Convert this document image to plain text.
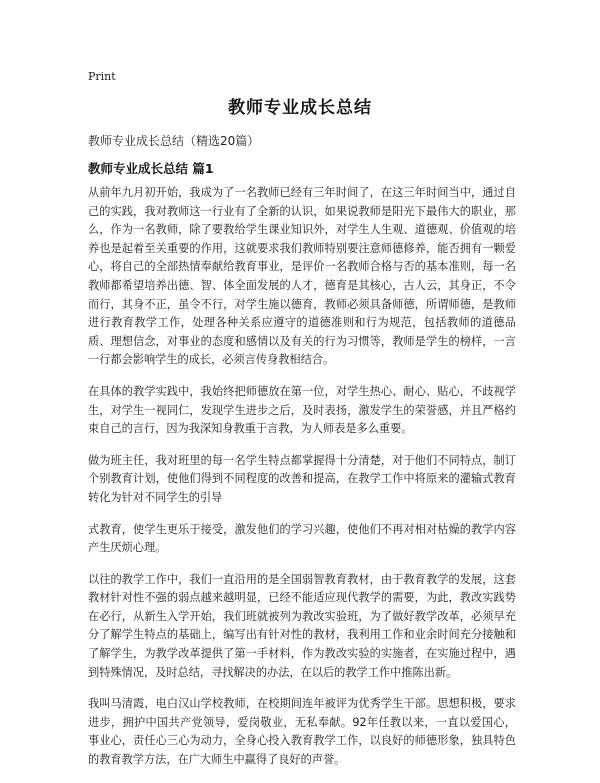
Print
教师专业成长总结
教师专业成长总结（精选20篇）
教师专业成长总结 篇1

从前年九月初开始，我成为了一名教师已经有三年时间了，在这三年时间当中，通过自己的实践，我对教师这一行业有了全新的认识，如果说教师是阳光下最伟大的职业，那么，作为一名教师，除了要教给学生课业知识外，对学生人生观、道德观、价值观的培养也是起着至关重要的作用，这就要求我们教师特别要注意师德修养，能否拥有一颗爱心，将自己的全部热情奉献给教育事业，是评价一名教师合格与否的基本准则，每一名教师都希望培养出德、智、体全面发展的人才，德育是其核心，古人云，其身正，不令而行，其身不正，虽令不行，对学生施以德育，教师必须具备师德，所谓师德，是教师进行教育教学工作，处理各种关系应遵守的道德准则和行为规范，包括教师的道德品质、理想信念，对事业的态度和感情以及有关的行为习惯等，教师是学生的榜样，一言一行都会影响学生的成长，必须言传身教相结合。

在具体的教学实践中，我始终把师德放在第一位，对学生热心、耐心、贴心，不歧视学生，对学生一视同仁，发现学生进步之后，及时表扬，激发学生的荣誉感，并且严格约束自己的言行，因为我深知身教重于言教，为人师表是多么重要。

做为班主任，我对班里的每一名学生特点都掌握得十分清楚，对于他们不同特点，制订个别教育计划，使他们得到不同程度的改善和提高，在教学工作中将原来的灌输式教育转化为针对不同学生的引导

式教育，使学生更乐于接受，激发他们的学习兴趣，使他们不再对相对枯燥的教学内容产生厌烦心理。

以往的教学工作中，我们一直沿用的是全国弱智教育教材，由于教育教学的发展，这套教材针对性不强的弱点越来越明显，已经不能适应现代教学的需要，为此，教改实践势在必行，从新生入学开始，我们班就被列为教改实验班，为了做好教学改革，必须早充分了解学生特点的基础上，编写出有针对性的教材，我利用工作和业余时间充分接触和了解学生，为教学改革提供了第一手材料，作为教改实验的实施者，在实施过程中，遇到特殊情况，及时总结，寻找解决的办法，在以后的教学工作中推陈出新。

我叫马清霞，电白汉山学校教师，在校期间连年被评为优秀学生干部。思想积极，要求进步，拥护中国共产党领导，爱岗敬业，无私奉献。92年任教以来，一直以爱国心，事业心，责任心三心为动力，全身心投入教育教学工作，以良好的师德形象，独具特色的教育教学方法，在广大师生中赢得了良好的声誉。
